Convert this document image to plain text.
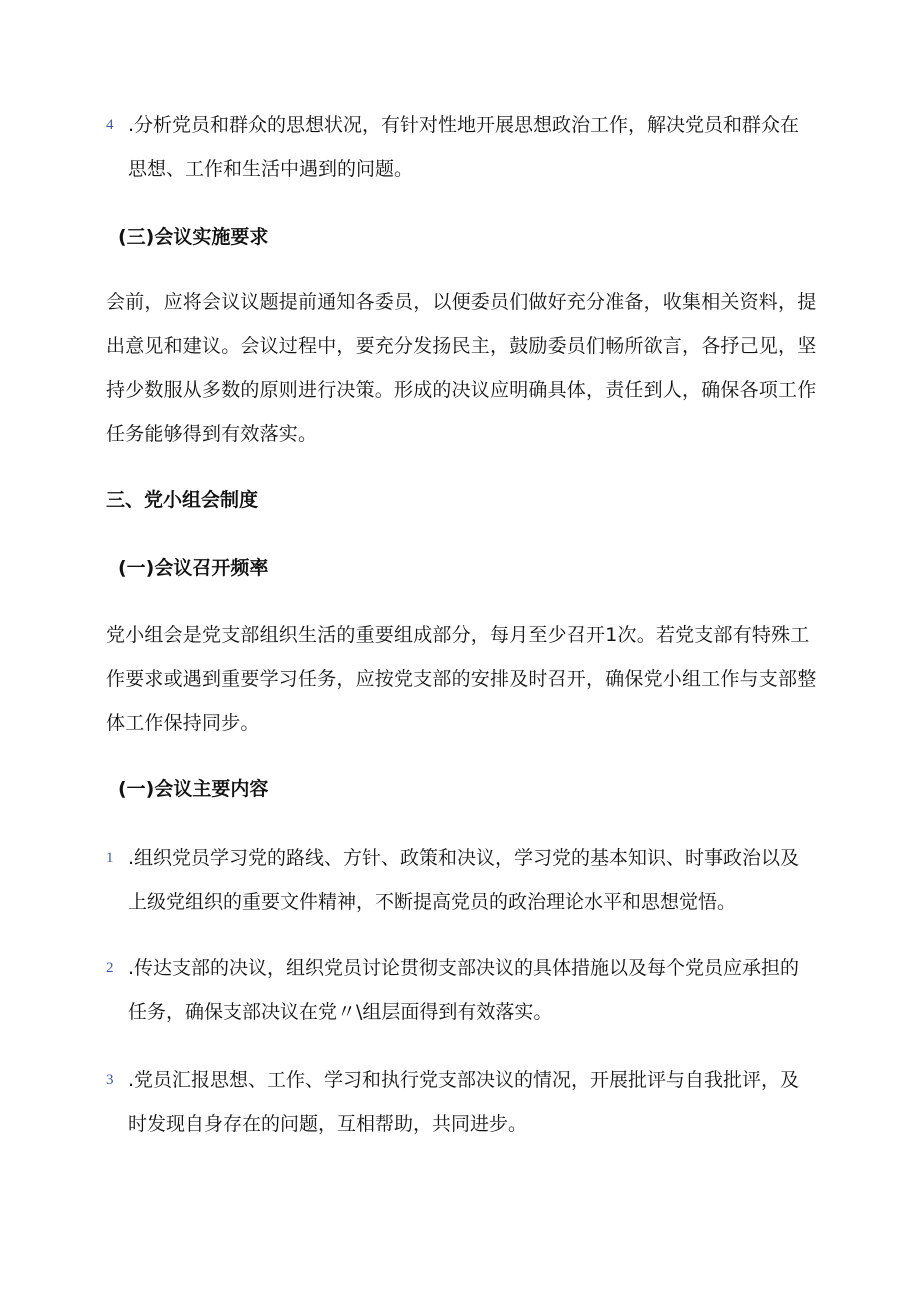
4 .分析党员和群众的思想状况，有针对性地开展思想政治工作，解决党员和群众在思想、工作和生活中遇到的问题。
(三)会议实施要求

会前，应将会议议题提前通知各委员，以便委员们做好充分准备，收集相关资料，提出意见和建议。会议过程中，要充分发扬民主，鼓励委员们畅所欲言，各抒己见，坚持少数服从多数的原则进行决策。形成的决议应明确具体，责任到人，确保各项工作任务能够得到有效落实。

三、党小组会制度
(一)会议召开频率

党小组会是党支部组织生活的重要组成部分，每月至少召开1次。若党支部有特殊工作要求或遇到重要学习任务，应按党支部的安排及时召开，确保党小组工作与支部整体工作保持同步。

(一)会议主要内容
1 .组织党员学习党的路线、方针、政策和决议，学习党的基本知识、时事政治以及上级党组织的重要文件精神，不断提高党员的政治理论水平和思想觉悟。
2 .传达支部的决议，组织党员讨论贯彻支部决议的具体措施以及每个党员应承担的任务，确保支部决议在党〃\组层面得到有效落实。
3 .党员汇报思想、工作、学习和执行党支部决议的情况，开展批评与自我批评，及时发现自身存在的问题，互相帮助，共同进步。
